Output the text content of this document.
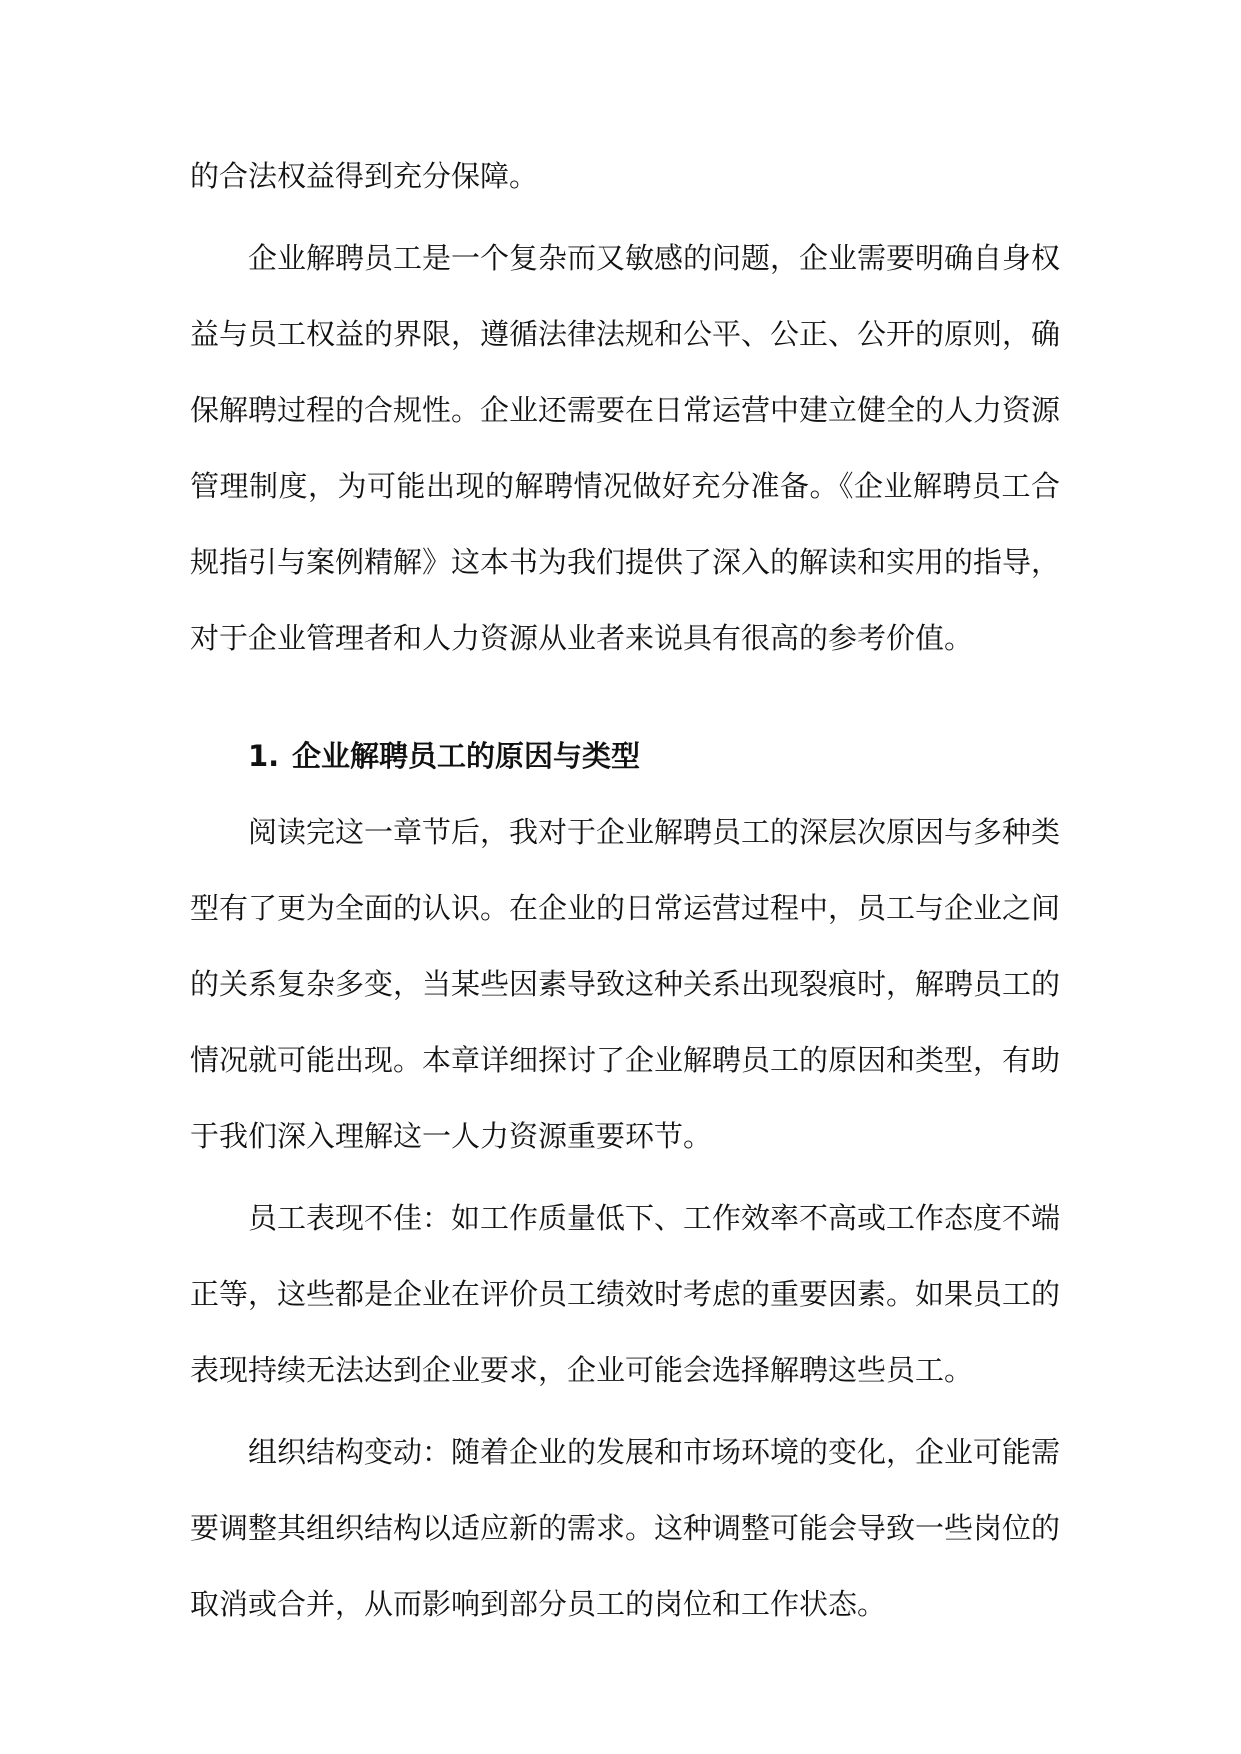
的合法权益得到充分保障。

企业解聘员工是一个复杂而又敏感的问题，企业需要明确自身权益与员工权益的界限，遵循法律法规和公平、公正、公开的原则，确保解聘过程的合规性。企业还需要在日常运营中建立健全的人力资源管理制度，为可能出现的解聘情况做好充分准备。《企业解聘员工合规指引与案例精解》这本书为我们提供了深入的解读和实用的指导，对于企业管理者和人力资源从业者来说具有很高的参考价值。

1. 企业解聘员工的原因与类型

阅读完这一章节后，我对于企业解聘员工的深层次原因与多种类型有了更为全面的认识。在企业的日常运营过程中，员工与企业之间的关系复杂多变，当某些因素导致这种关系出现裂痕时，解聘员工的情况就可能出现。本章详细探讨了企业解聘员工的原因和类型，有助于我们深入理解这一人力资源重要环节。

员工表现不佳：如工作质量低下、工作效率不高或工作态度不端正等，这些都是企业在评价员工绩效时考虑的重要因素。如果员工的表现持续无法达到企业要求，企业可能会选择解聘这些员工。

组织结构变动：随着企业的发展和市场环境的变化，企业可能需要调整其组织结构以适应新的需求。这种调整可能会导致一些岗位的取消或合并，从而影响到部分员工的岗位和工作状态。
